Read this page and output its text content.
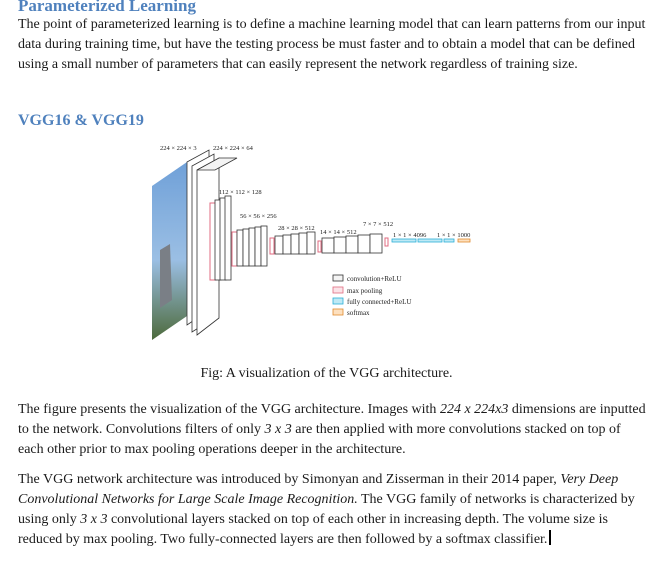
Parameterized Learning

The point of parameterized learning is to define a machine learning model that can learn patterns from our input data during training time, but have the testing process be must faster and to obtain a model that can be defined using a small number of parameters that can easily represent the network regardless of training size.

VGG16 & VGG19
224 × 224 × 3	224 × 224 × 64
112 × 112 × 128
56 × 56 × 256
28 × 28 × 512
14 × 14 × 512
7 × 7 × 512
1 × 1 × 4096 1 × 1 × 1000
convolution+ReLU
max pooling
fully connected+ReLU
softmax
Fig: A visualization of the VGG architecture.

The figure presents the visualization of the VGG architecture. Images with 224 x 224x3 dimensions are inputted to the network. Convolutions filters of only 3 x 3 are then applied with more convolutions stacked on top of each other prior to max pooling operations deeper in the architecture.

The VGG network architecture was introduced by Simonyan and Zisserman in their 2014 paper, Very Deep Convolutional Networks for Large Scale Image Recognition. The VGG family of networks is characterized by using only 3 x 3 convolutional layers stacked on top of each other in increasing depth. The volume size is reduced by max pooling. Two fully-connected layers are then followed by a softmax classifier.
